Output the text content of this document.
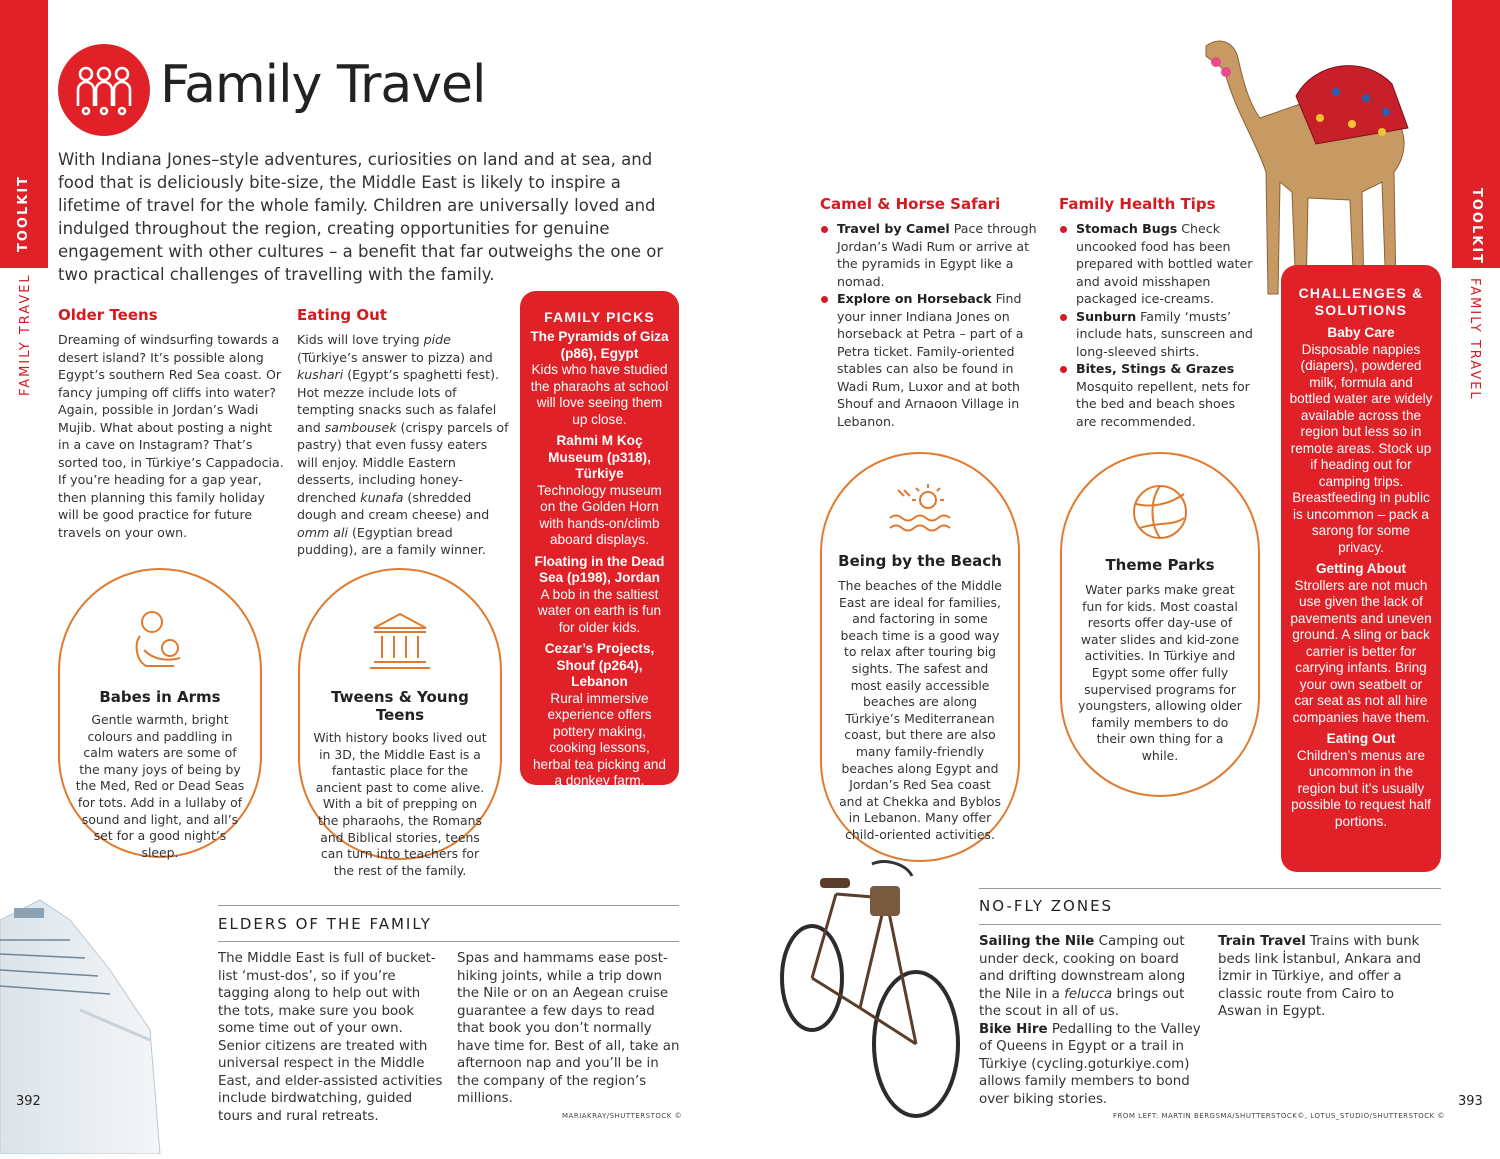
TOOLKIT
FAMILY TRAVEL
TOOLKIT
FAMILY TRAVEL
Family Travel
With Indiana Jones–style adventures, curiosities on land and at sea, and food that is deliciously bite-size, the Middle East is likely to inspire a lifetime of travel for the whole family. Children are universally loved and indulged throughout the region, creating opportunities for genuine engagement with other cultures – a benefit that far outweighs the one or two practical challenges of travelling with the family.
Older Teens
Dreaming of windsurfing towards a desert island? It’s possible along Egypt’s southern Red Sea coast. Or fancy jumping off cliffs into water? Again, possible in Jordan’s Wadi Mujib. What about posting a night in a cave on Instagram? That’s sorted too, in Türkiye’s Cappadocia. If you’re heading for a gap year, then planning this family holiday will be good practice for future travels on your own.
Eating Out
Kids will love trying pide (Türkiye’s answer to pizza) and kushari (Egypt’s spaghetti fest). Hot mezze include lots of tempting snacks such as falafel and sambousek (crispy parcels of pastry) that even fussy eaters will enjoy. Middle Eastern desserts, including honey-drenched kunafa (shredded dough and cream cheese) and omm ali (Egyptian bread pudding), are a family winner.
FAMILY PICKS
The Pyramids of Giza (p86), Egypt
Kids who have studied the pharaohs at school will love seeing them up close.
Rahmi M Koç Museum (p318), Türkiye
Technology museum on the Golden Horn with hands-on/climb aboard displays.
Floating in the Dead Sea (p198), Jordan
A bob in the saltiest water on earth is fun for older kids.
Cezar’s Projects, Shouf (p264), Lebanon
Rural immersive experience offers pottery making, cooking lessons, herbal tea picking and a donkey farm.
Babes in Arms
Gentle warmth, bright colours and paddling in calm waters are some of the many joys of being by the Med, Red or Dead Seas for tots. Add in a lullaby of sound and light, and all’s set for a good night’s sleep.
Tweens & Young Teens
With history books lived out in 3D, the Middle East is a fantastic place for the ancient past to come alive. With a bit of prepping on the pharaohs, the Romans and Biblical stories, teens can turn into teachers for the rest of the family.
ELDERS OF THE FAMILY
The Middle East is full of bucket-list ‘must-dos’, so if you’re tagging along to help out with the tots, make sure you book some time out of your own. Senior citizens are treated with universal respect in the Middle East, and elder-assisted activities include birdwatching, guided tours and rural retreats.
Spas and hammams ease post-hiking joints, while a trip down the Nile or on an Aegean cruise guarantee a few days to read that book you don’t normally have time for. Best of all, take an afternoon nap and you’ll be in the company of the region’s millions.
392
MARIAKRAY/SHUTTERSTOCK ©
Camel & Horse Safari
Travel by Camel Pace through Jordan’s Wadi Rum or arrive at the pyramids in Egypt like a nomad.
Explore on Horseback Find your inner Indiana Jones on horseback at Petra – part of a Petra ticket. Family-oriented stables can also be found in Wadi Rum, Luxor and at both Shouf and Arnaoon Village in Lebanon.
Family Health Tips
Stomach Bugs Check uncooked food has been prepared with bottled water and avoid misshapen packaged ice-creams.
Sunburn Family ‘musts’ include hats, sunscreen and long-sleeved shirts.
Bites, Stings & Grazes Mosquito repellent, nets for the bed and beach shoes are recommended.
Being by the Beach
The beaches of the Middle East are ideal for families, and factoring in some beach time is a good way to relax after touring big sights. The safest and most easily accessible beaches are along Türkiye’s Mediterranean coast, but there are also many family-friendly beaches along Egypt and Jordan’s Red Sea coast and at Chekka and Byblos in Lebanon. Many offer child-oriented activities.
Theme Parks
Water parks make great fun for kids. Most coastal resorts offer day-use of water slides and kid-zone activities. In Türkiye and Egypt some offer fully supervised programs for youngsters, allowing older family members to do their own thing for a while.
CHALLENGES & SOLUTIONS
Baby Care
Disposable nappies (diapers), powdered milk, formula and bottled water are widely available across the region but less so in remote areas. Stock up if heading out for camping trips. Breastfeeding in public is uncommon – pack a sarong for some privacy.
Getting About
Strollers are not much use given the lack of pavements and uneven ground. A sling or back carrier is better for carrying infants. Bring your own seatbelt or car seat as not all hire companies have them.
Eating Out
Children’s menus are uncommon in the region but it’s usually possible to request half portions.
NO-FLY ZONES
Sailing the Nile Camping out under deck, cooking on board and drifting downstream along the Nile in a felucca brings out the scout in all of us.
Bike Hire Pedalling to the Valley of Queens in Egypt or a trail in Türkiye (cycling.goturkiye.com) allows family members to bond over biking stories.
Train Travel Trains with bunk beds link İstanbul, Ankara and İzmir in Türkiye, and offer a classic route from Cairo to Aswan in Egypt.
393
FROM LEFT: MARTIN BERGSMA/SHUTTERSTOCK©, LOTUS_STUDIO/SHUTTERSTOCK ©
